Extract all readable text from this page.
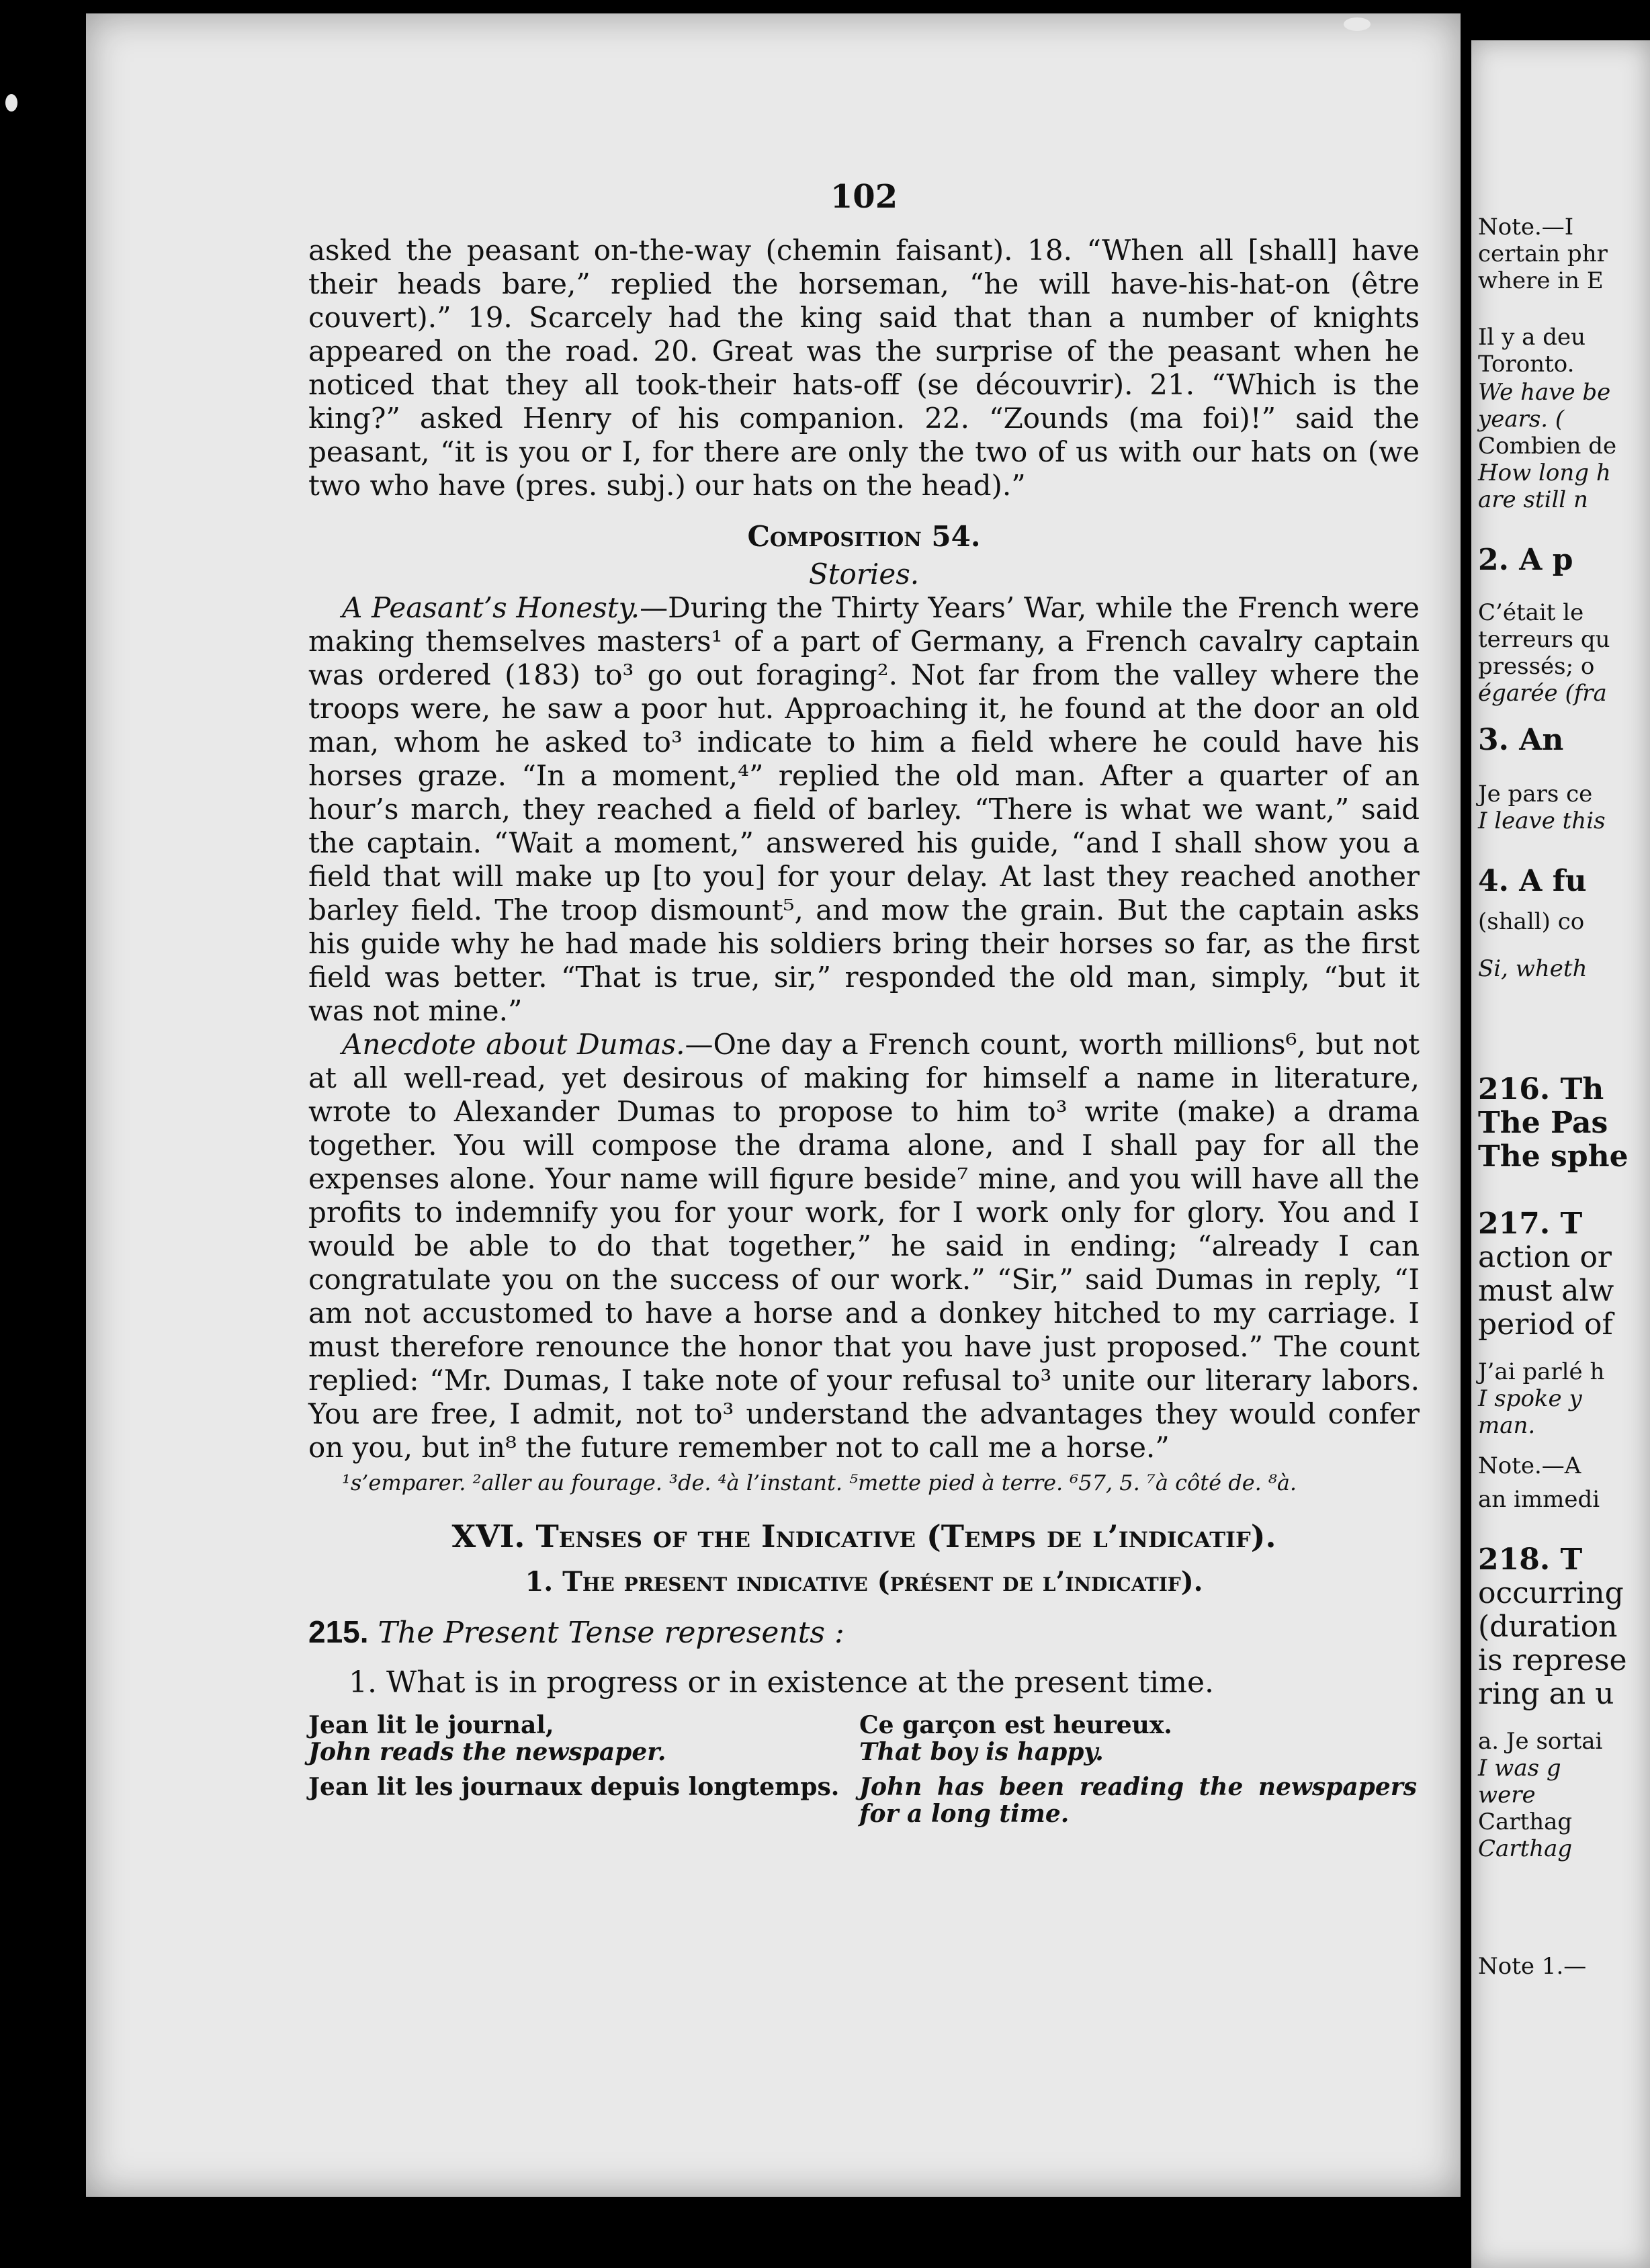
102

asked the peasant on-the-way (chemin faisant). 18. “When all [shall] have their heads bare,” replied the horseman, “he will have-his-hat-on (être couvert).” 19. Scarcely had the king said that than a number of knights appeared on the road. 20. Great was the surprise of the peasant when he noticed that they all took-their hats-off (se découvrir). 21. “Which is the king?” asked Henry of his companion. 22. “Zounds (ma foi)!” said the peasant, “it is you or I, for there are only the two of us with our hats on (we two who have (pres. subj.) our hats on the head).”

Composition 54.

Stories.

A Peasant’s Honesty.—During the Thirty Years’ War, while the French were making themselves masters¹ of a part of Germany, a French cavalry captain was ordered (183) to³ go out foraging². Not far from the valley where the troops were, he saw a poor hut. Approaching it, he found at the door an old man, whom he asked to³ indicate to him a field where he could have his horses graze. “In a moment,⁴” replied the old man. After a quarter of an hour’s march, they reached a field of barley. “There is what we want,” said the captain. “Wait a moment,” answered his guide, “and I shall show you a field that will make up [to you] for your delay. At last they reached another barley field. The troop dismount⁵, and mow the grain. But the captain asks his guide why he had made his soldiers bring their horses so far, as the first field was better. “That is true, sir,” responded the old man, simply, “but it was not mine.”

Anecdote about Dumas.—One day a French count, worth millions⁶, but not at all well-read, yet desirous of making for himself a name in literature, wrote to Alexander Dumas to propose to him to³ write (make) a drama together. You will compose the drama alone, and I shall pay for all the expenses alone. Your name will figure beside⁷ mine, and you will have all the profits to indemnify you for your work, for I work only for glory. You and I would be able to do that together,” he said in ending; “already I can congratulate you on the success of our work.” “Sir,” said Dumas in reply, “I am not accustomed to have a horse and a donkey hitched to my carriage. I must therefore renounce the honor that you have just proposed.” The count replied: “Mr. Dumas, I take note of your refusal to³ unite our literary labors. You are free, I admit, not to³ understand the advantages they would confer on you, but in⁸ the future remember not to call me a horse.”

¹s’emparer. ²aller au fourage. ³de. ⁴à l’instant. ⁵mette pied à terre. ⁶57, 5. ⁷à côté de. ⁸à.

XVI. Tenses of the Indicative (Temps de l’indicatif).

1. The present indicative (présent de l’indicatif).

215. The Present Tense represents :

1. What is in progress or in existence at the present time.

Jean lit le journal,
John reads the newspaper.
Ce garçon est heureux.
That boy is happy.
Jean lit les journaux depuis longtemps. John has been reading the newspapers for a long time.
Note.—I
certain phr
where in E
Il y a deu
Toronto.
We have be
years. (
Combien de
How long h
are still n
2. A p
C’était le
terreurs qu
pressés; o
égarée (fra
3. An
Je pars ce
I leave this
4. A fu
(shall) co
Si, wheth
216. Th
The Pas
The sphe
217. T
action or
must alw
period of
J’ai parlé h
I spoke y
man.
Note.—A
an immedi
218. T
occurring
(duration
is represe
ring an u
a. Je sortai
I was g
were
Carthag
Carthag
Note 1.—
